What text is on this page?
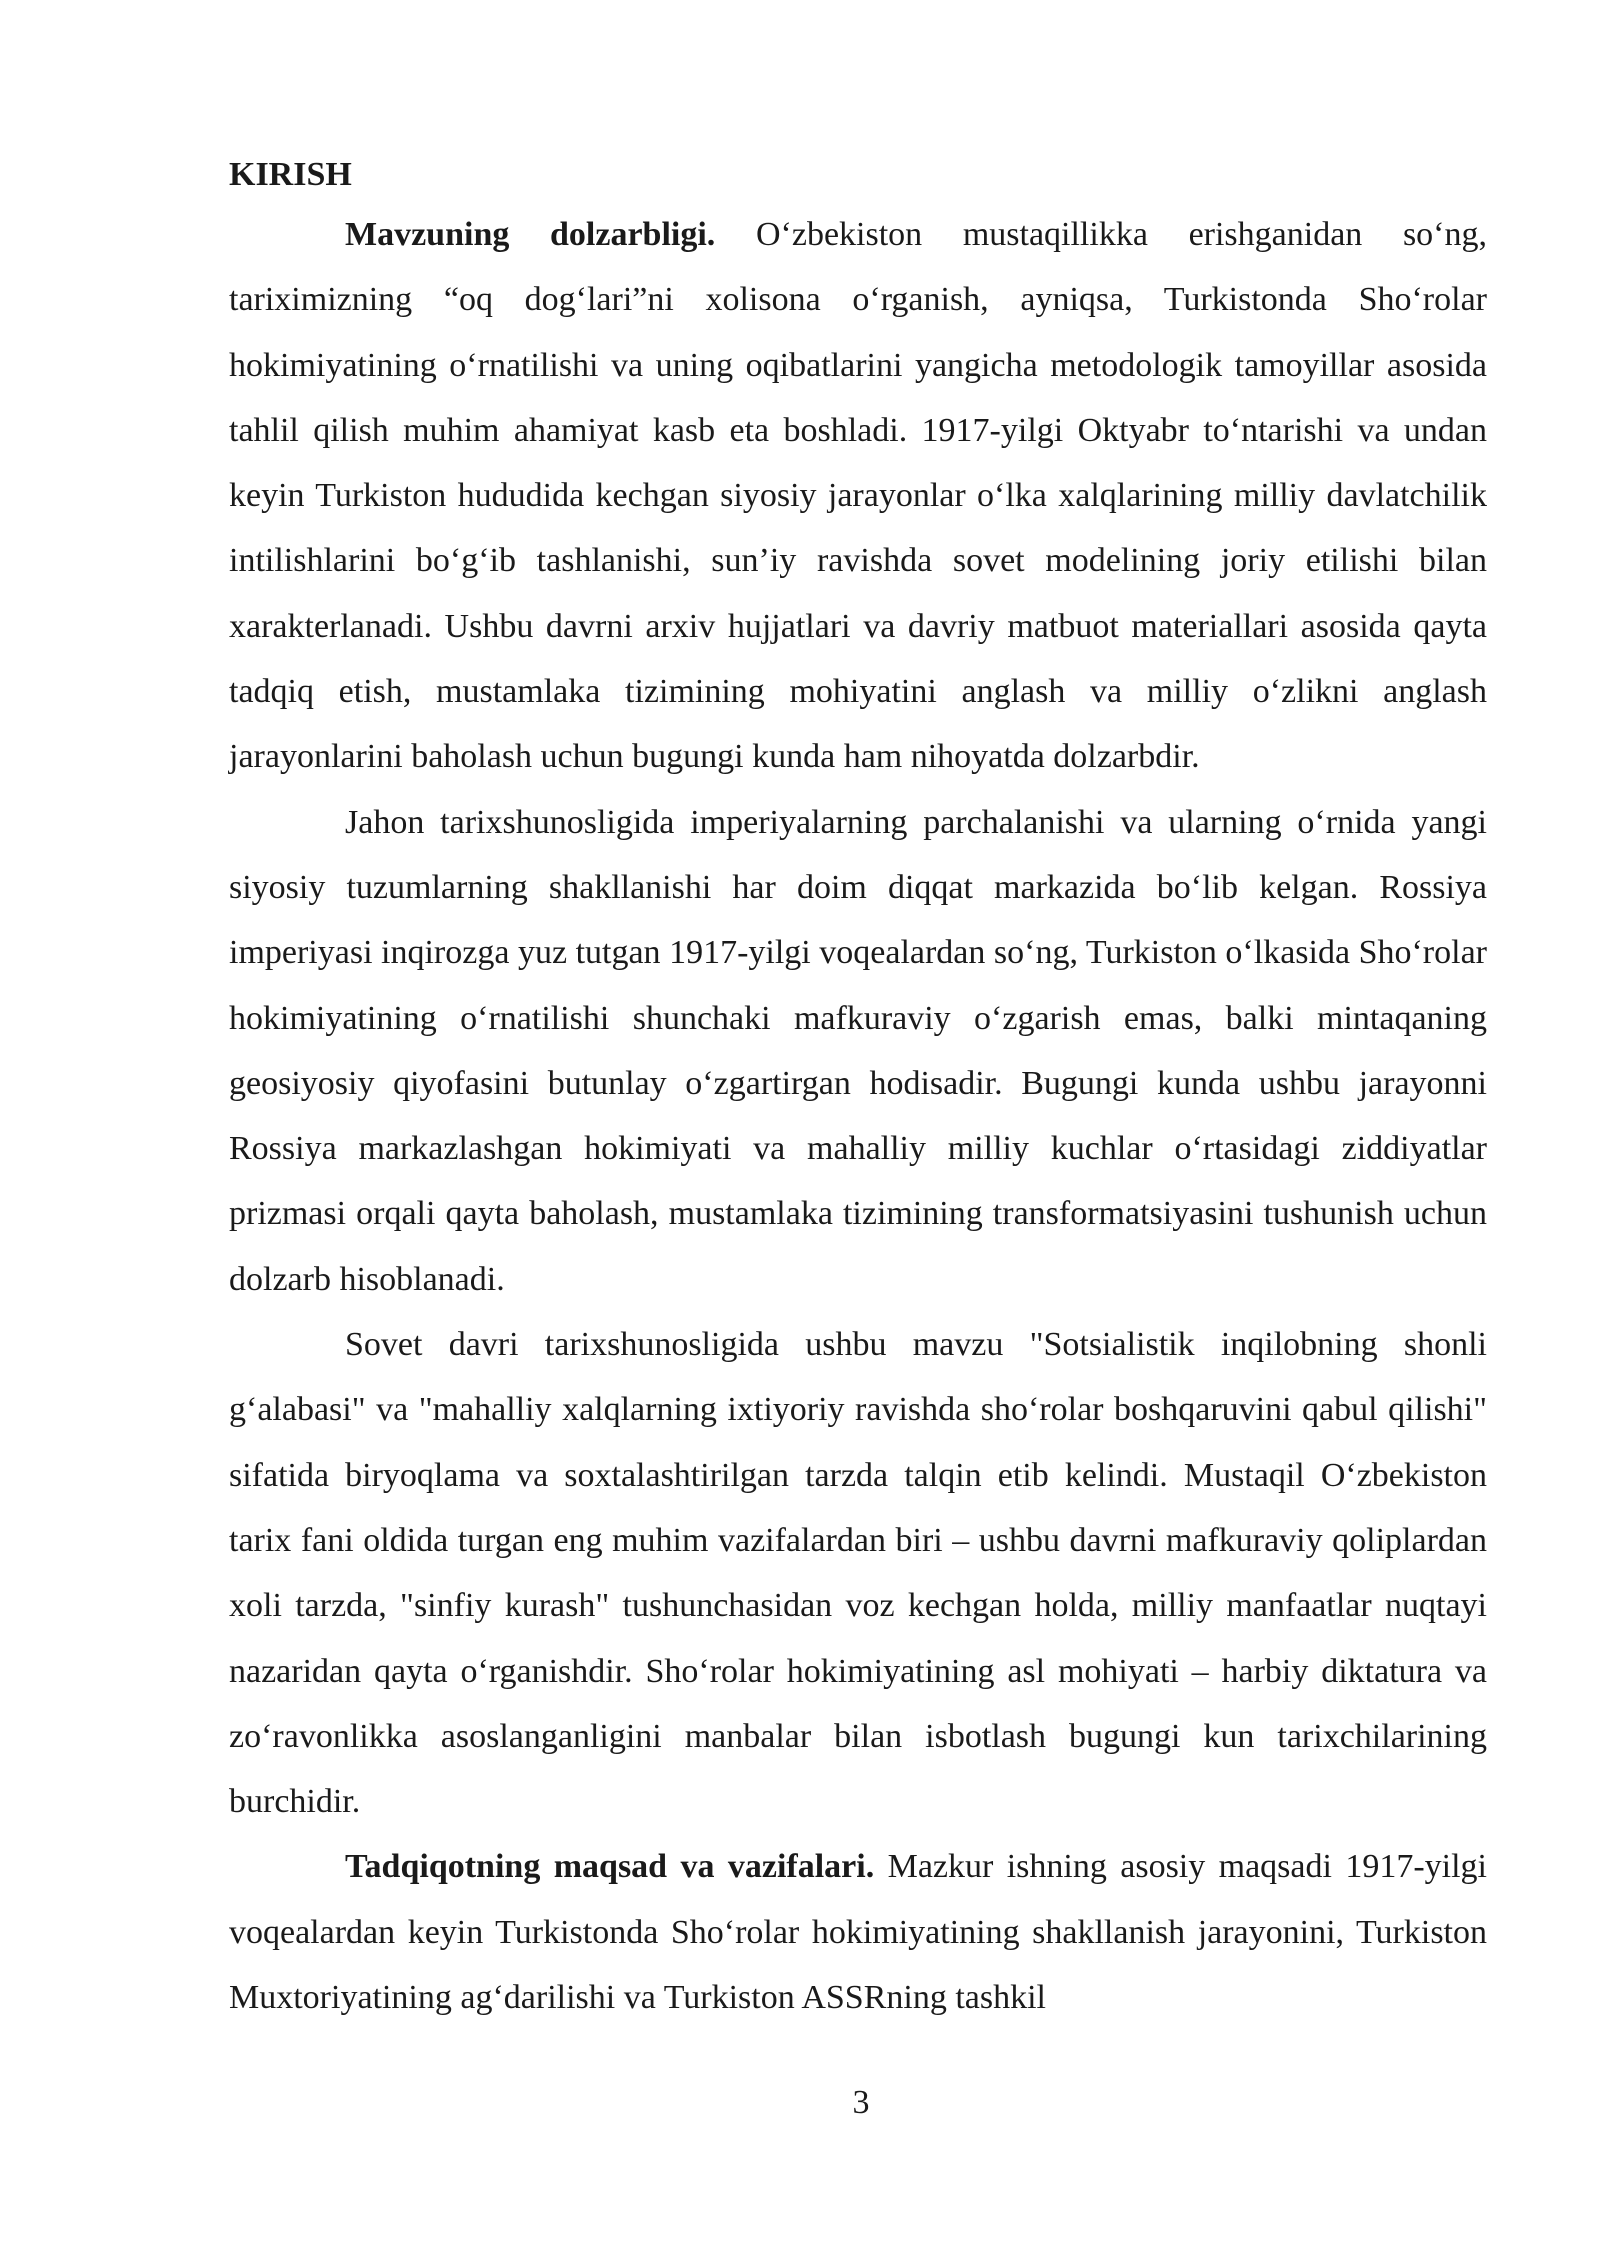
KIRISH

Mavzuning dolzarbligi. O‘zbekiston mustaqillikka erishganidan so‘ng, tariximizning “oq dog‘lari”ni xolisona o‘rganish, ayniqsa, Turkistonda Sho‘rolar hokimiyatining o‘rnatilishi va uning oqibatlarini yangicha metodologik tamoyillar asosida tahlil qilish muhim ahamiyat kasb eta boshladi. 1917-yilgi Oktyabr to‘ntarishi va undan keyin Turkiston hududida kechgan siyosiy jarayonlar o‘lka xalqlarining milliy davlatchilik intilishlarini bo‘g‘ib tashlanishi, sun’iy ravishda sovet modelining joriy etilishi bilan xarakterlanadi. Ushbu davrni arxiv hujjatlari va davriy matbuot materiallari asosida qayta tadqiq etish, mustamlaka tizimining mohiyatini anglash va milliy o‘zlikni anglash jarayonlarini baholash uchun bugungi kunda ham nihoyatda dolzarbdir.

Jahon tarixshunosligida imperiyalarning parchalanishi va ularning o‘rnida yangi siyosiy tuzumlarning shakllanishi har doim diqqat markazida bo‘lib kelgan. Rossiya imperiyasi inqirozga yuz tutgan 1917-yilgi voqealardan so‘ng, Turkiston o‘lkasida Sho‘rolar hokimiyatining o‘rnatilishi shunchaki mafkuraviy o‘zgarish emas, balki mintaqaning geosiyosiy qiyofasini butunlay o‘zgartirgan hodisadir. Bugungi kunda ushbu jarayonni Rossiya markazlashgan hokimiyati va mahalliy milliy kuchlar o‘rtasidagi ziddiyatlar prizmasi orqali qayta baholash, mustamlaka tizimining transformatsiyasini tushunish uchun dolzarb hisoblanadi.

Sovet davri tarixshunosligida ushbu mavzu "Sotsialistik inqilobning shonli g‘alabasi" va "mahalliy xalqlarning ixtiyoriy ravishda sho‘rolar boshqaruvini qabul qilishi" sifatida biryoqlama va soxtalashtirilgan tarzda talqin etib kelindi. Mustaqil O‘zbekiston tarix fani oldida turgan eng muhim vazifalardan biri – ushbu davrni mafkuraviy qoliplardan xoli tarzda, "sinfiy kurash" tushunchasidan voz kechgan holda, milliy manfaatlar nuqtayi nazaridan qayta o‘rganishdir. Sho‘rolar hokimiyatining asl mohiyati – harbiy diktatura va zo‘ravonlikka asoslanganligini manbalar bilan isbotlash bugungi kun tarixchilarining burchidir.

Tadqiqotning maqsad va vazifalari. Mazkur ishning asosiy maqsadi 1917-yilgi voqealardan keyin Turkistonda Sho‘rolar hokimiyatining shakllanish jarayonini, Turkiston Muxtoriyatining ag‘darilishi va Turkiston ASSRning tashkil

3
